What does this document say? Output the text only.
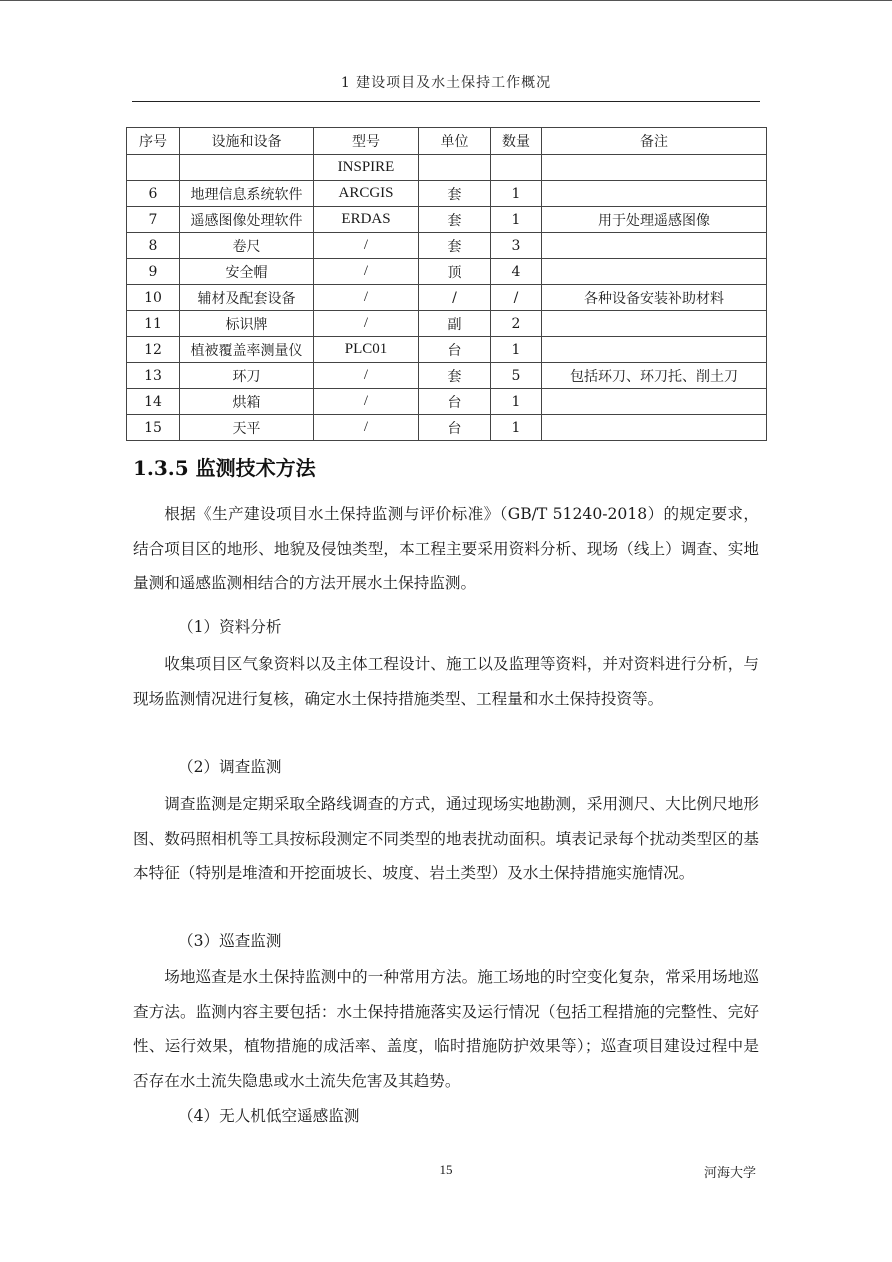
1 建设项目及水土保持工作概况
序号	设施和设备	型号	单位	数量	备注
		INSPIRE			
6	地理信息系统软件	ARCGIS	套	1	
7	遥感图像处理软件	ERDAS	套	1	用于处理遥感图像
8	卷尺	/	套	3	
9	安全帽	/	顶	4	
10	辅材及配套设备	/	/	/	各种设备安装补助材料
11	标识牌	/	副	2	
12	植被覆盖率测量仪	PLC01	台	1	
13	环刀	/	套	5	包括环刀、环刀托、削土刀
14	烘箱	/	台	1	
15	天平	/	台	1	
1.3.5 监测技术方法

根据《生产建设项目水土保持监测与评价标准》（GB/T 51240-2018）的规定要求，结合项目区的地形、地貌及侵蚀类型，本工程主要采用资料分析、现场（线上）调查、实地量测和遥感监测相结合的方法开展水土保持监测。

（1）资料分析

收集项目区气象资料以及主体工程设计、施工以及监理等资料，并对资料进行分析，与现场监测情况进行复核，确定水土保持措施类型、工程量和水土保持投资等。

（2）调查监测

调查监测是定期采取全路线调查的方式，通过现场实地勘测，采用测尺、大比例尺地形图、数码照相机等工具按标段测定不同类型的地表扰动面积。填表记录每个扰动类型区的基本特征（特别是堆渣和开挖面坡长、坡度、岩土类型）及水土保持措施实施情况。

（3）巡查监测

场地巡查是水土保持监测中的一种常用方法。施工场地的时空变化复杂，常采用场地巡查方法。监测内容主要包括：水土保持措施落实及运行情况（包括工程措施的完整性、完好性、运行效果，植物措施的成活率、盖度，临时措施防护效果等）；巡查项目建设过程中是否存在水土流失隐患或水土流失危害及其趋势。

（4）无人机低空遥感监测

15	河海大学
